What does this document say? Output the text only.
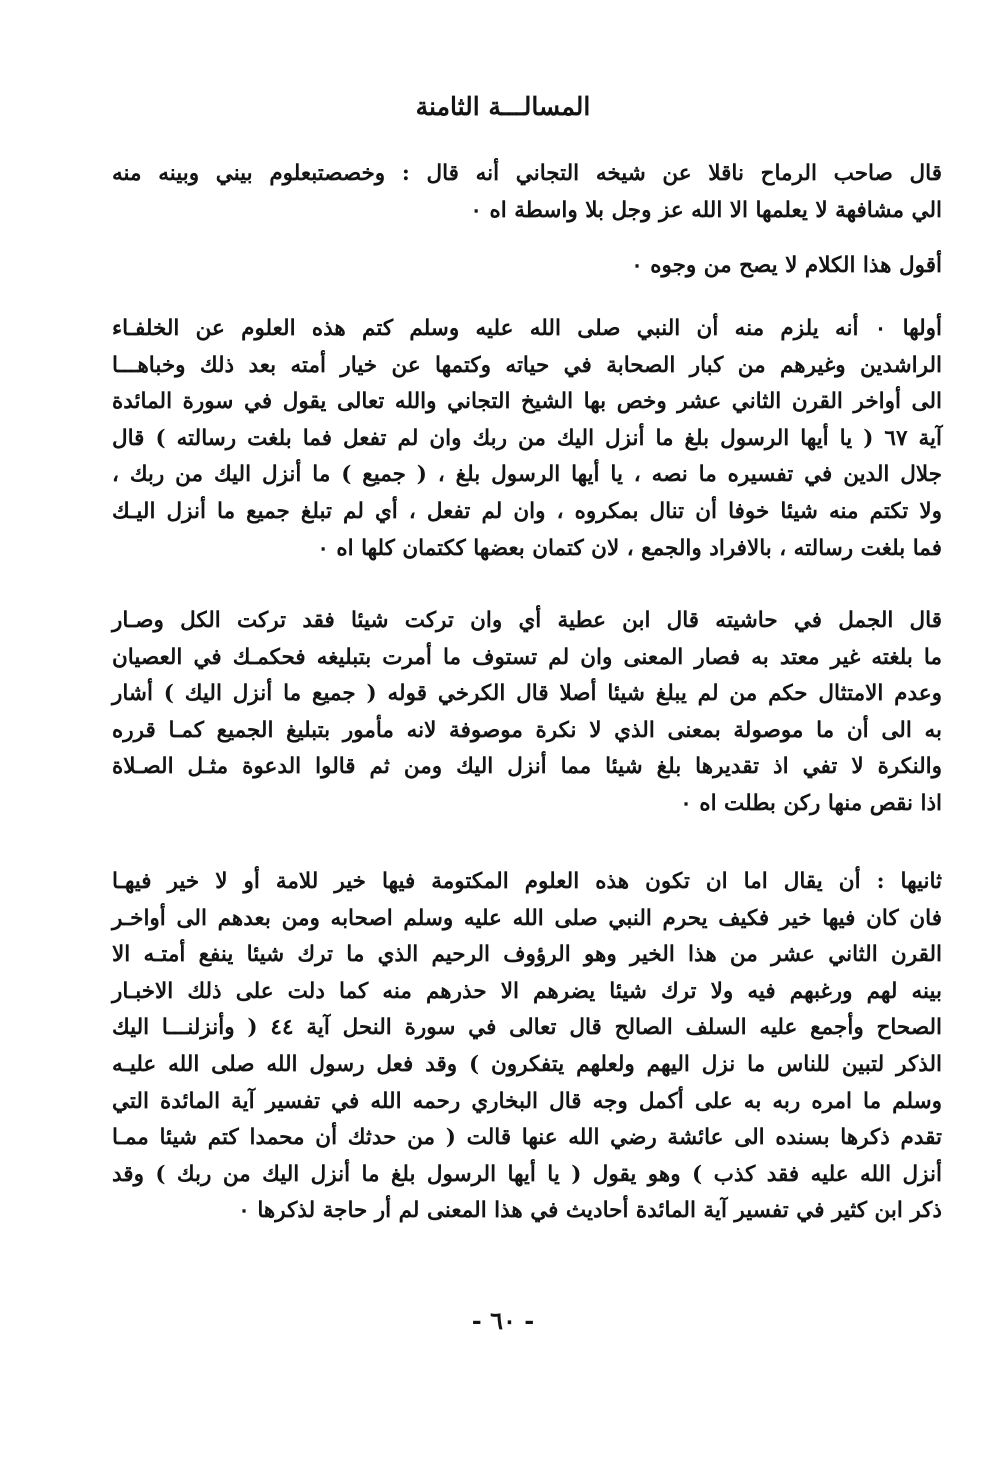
المسالـــة الثامنة

قال صاحب الرماح ناقلا عن شيخه التجاني أنه قال : وخصصتبعلوم بيني وبينه منه
الي مشافهة لا يعلمها الا الله عز وجل بلا واسطة اه ٠

أقول هذا الكلام لا يصح من وجوه ٠

أولها ٠ أنه يلزم منه أن النبي صلى الله عليه وسلم كتم هذه العلوم عن الخلفـاء
الراشدين وغيرهم من كبار الصحابة في حياته وكتمها عن خيار أمته بعد ذلك وخباهـــا
الى أواخر القرن الثاني عشر وخص بها الشيخ التجاني والله تعالى يقول في سورة المائدة
آية ٦٧ ( يا أيها الرسول بلغ ما أنزل اليك من ربك وان لم تفعل فما بلغت رسالته ) قال
جلال الدين في تفسيره ما نصه ، يا أيها الرسول بلغ ، ( جميع ) ما أنزل اليك من ربك ،
ولا تكتم منه شيئا خوفا أن تنال بمكروه ، وان لم تفعل ، أي لم تبلغ جميع ما أنزل اليـك
فما بلغت رسالته ، بالافراد والجمع ، لان كتمان بعضها ككتمان كلها اه ٠

قال الجمل في حاشيته قال ابن عطية أي وان تركت شيئا فقد تركت الكل وصـار
ما بلغته غير معتد به فصار المعنى وان لم تستوف ما أمرت بتبليغه فحكمـك في العصيان
وعدم الامتثال حكم من لم يبلغ شيئا أصلا قال الكرخي قوله ( جميع ما أنزل اليك ) أشار
به الى أن ما موصولة بمعنى الذي لا نكرة موصوفة لانه مأمور بتبليغ الجميع كمـا قرره
والنكرة لا تفي اذ تقديرها بلغ شيئا مما أنزل اليك ومن ثم قالوا الدعوة مثـل الصـلاة
اذا نقص منها ركن بطلت اه ٠

ثانيها : أن يقال اما ان تكون هذه العلوم المكتومة فيها خير للامة أو لا خير فيهـا
فان كان فيها خير فكيف يحرم النبي صلى الله عليه وسلم اصحابه ومن بعدهم الى أواخـر
القرن الثاني عشر من هذا الخير وهو الرؤوف الرحيم الذي ما ترك شيئا ينفع أمتـه الا
بينه لهم ورغبهم فيه ولا ترك شيئا يضرهم الا حذرهم منه كما دلت على ذلك الاخبـار
الصحاح وأجمع عليه السلف الصالح قال تعالى في سورة النحل آية ٤٤ ( وأنزلنـــا اليك
الذكر لتبين للناس ما نزل اليهم ولعلهم يتفكرون ) وقد فعل رسول الله صلى الله عليـه
وسلم ما امره ربه به على أكمل وجه قال البخاري رحمه الله في تفسير آية المائدة التي
تقدم ذكرها بسنده الى عائشة رضي الله عنها قالت ( من حدثك أن محمدا كتم شيئا ممـا
أنزل الله عليه فقد كذب ) وهو يقول ( يا أيها الرسول بلغ ما أنزل اليك من ربك ) وقد
ذكر ابن كثير في تفسير آية المائدة أحاديث في هذا المعنى لم أر حاجة لذكرها ٠

- ٦٠ -
